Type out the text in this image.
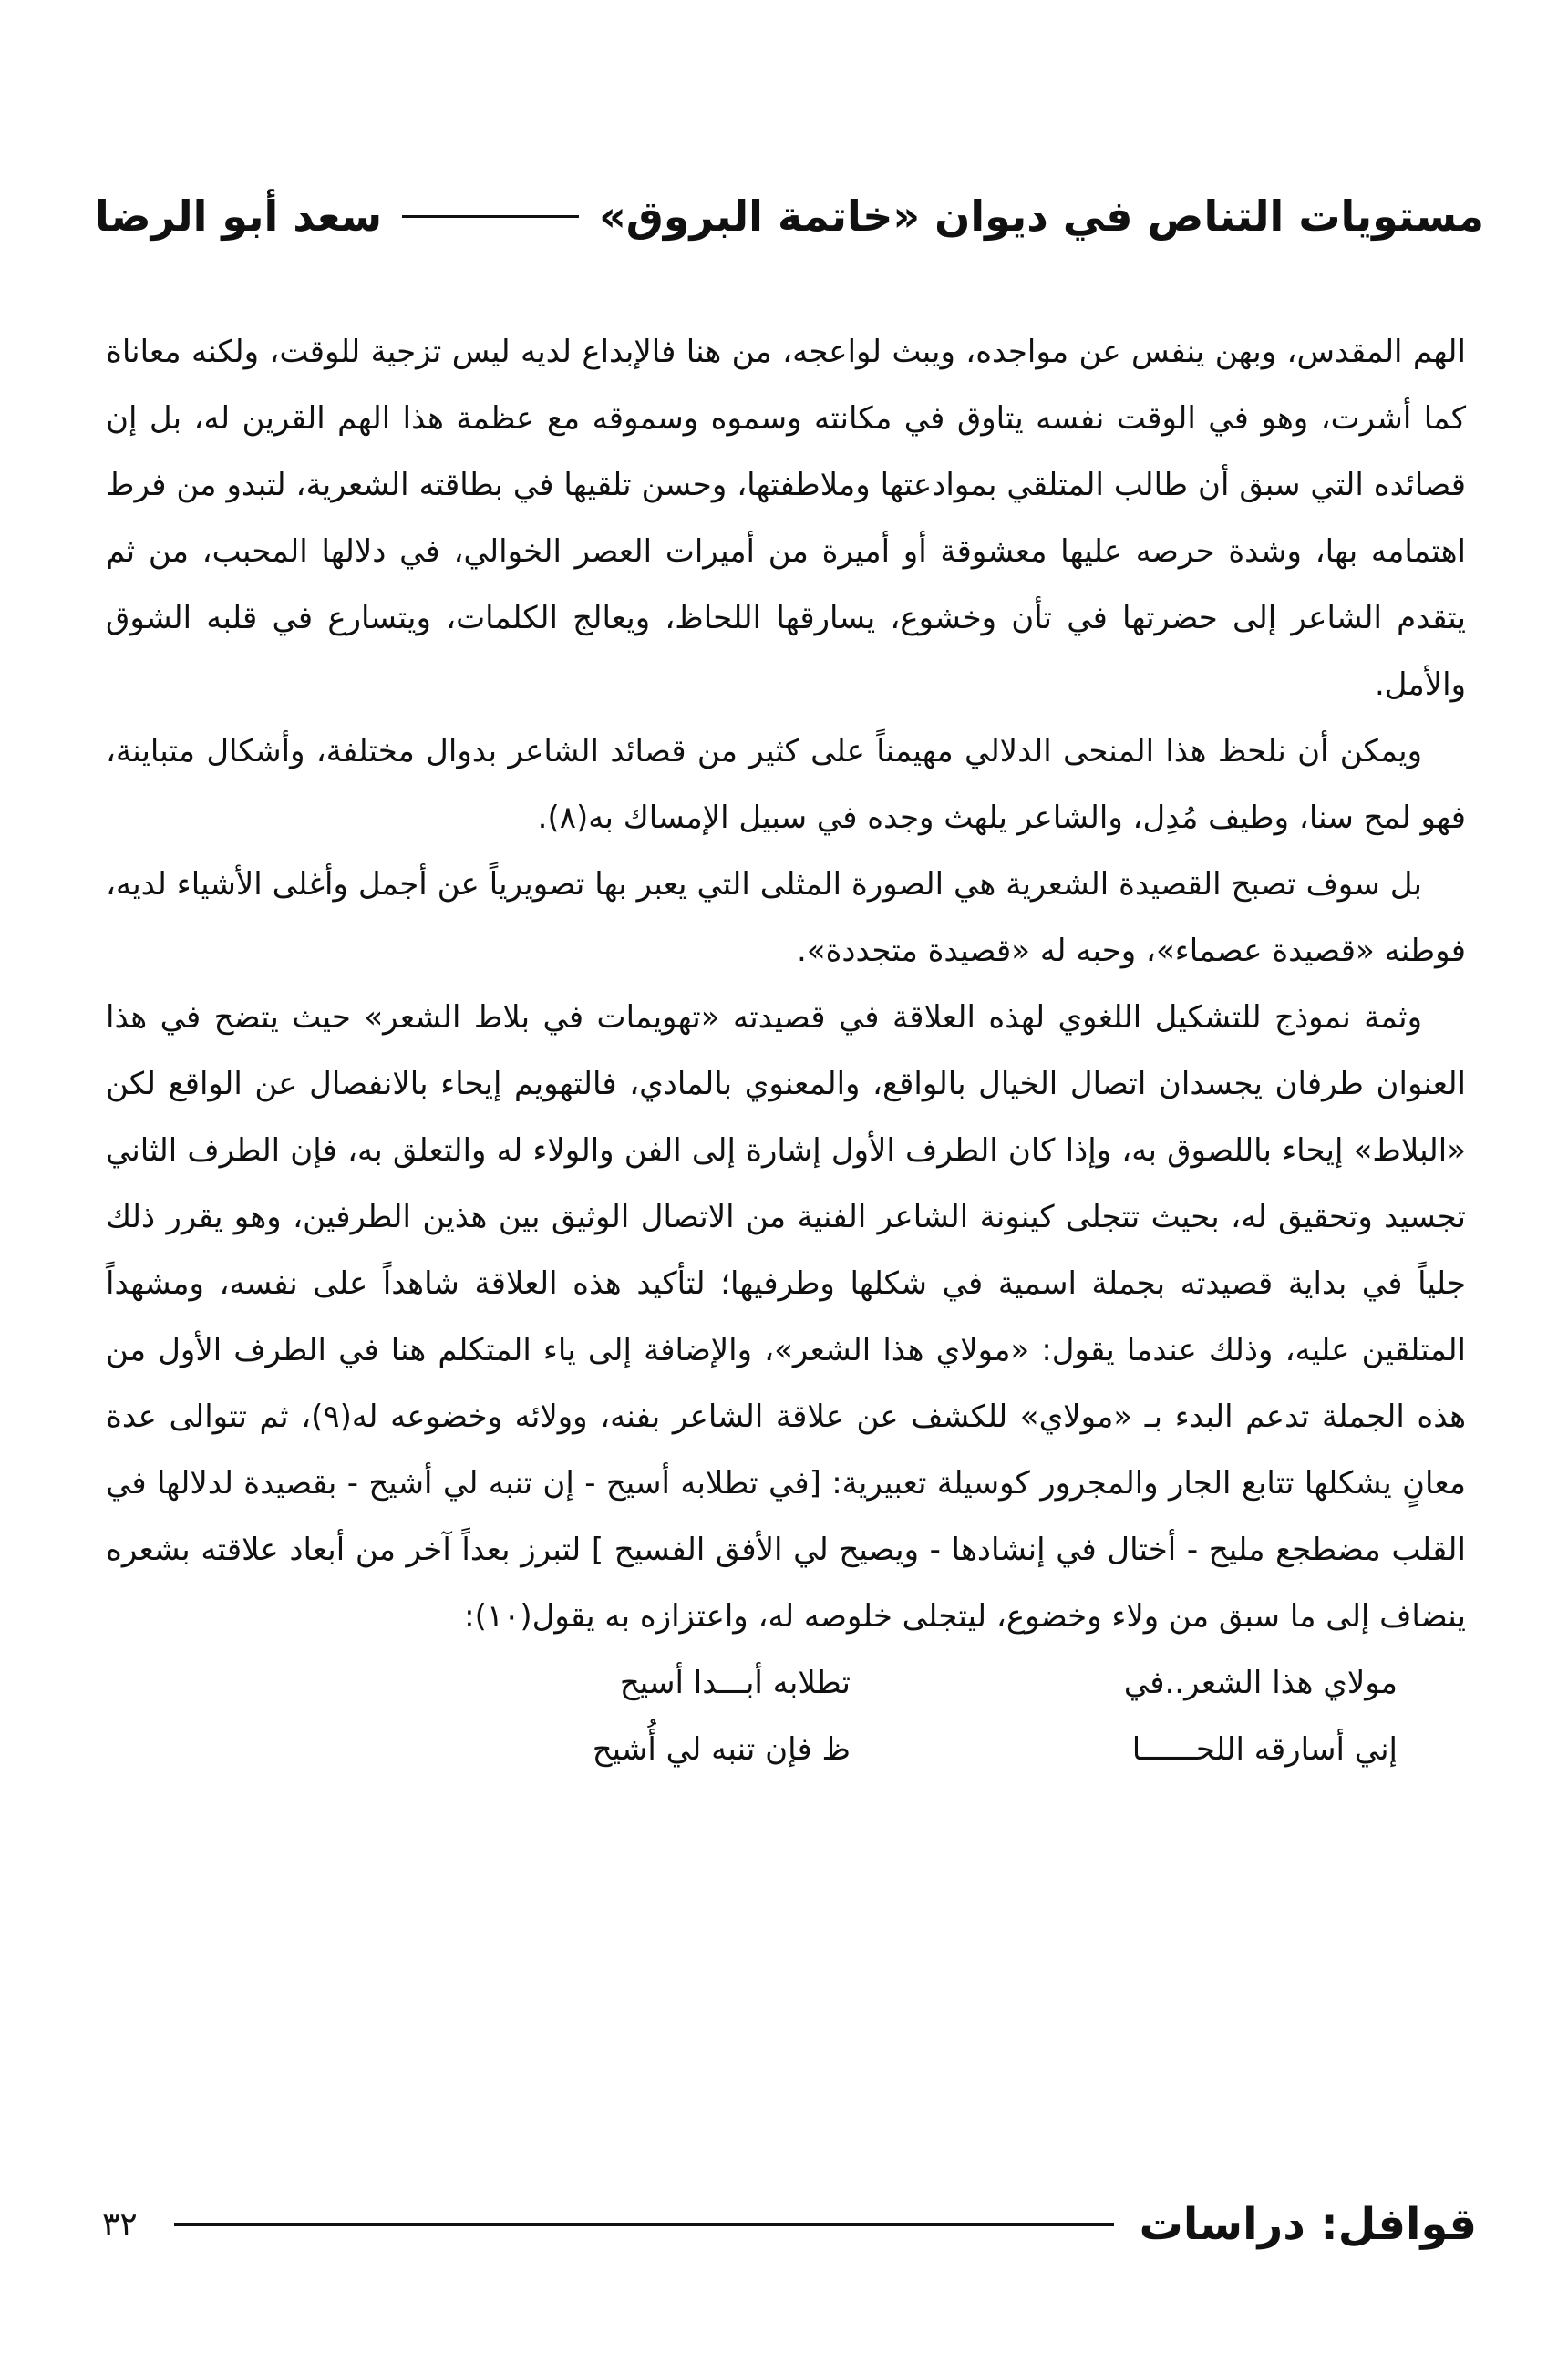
مستويات التناص في ديوان «خاتمة البروق»
سعد أبو الرضا

الهم المقدس، وبهن ينفس عن مواجده، ويبث لواعجه، من هنا فالإبداع لديه ليس تزجية للوقت، ولكنه معاناة كما أشرت، وهو في الوقت نفسه يتاوق في مكانته وسموه وسموقه مع عظمة هذا الهم القرين له، بل إن قصائده التي سبق أن طالب المتلقي بموادعتها وملاطفتها، وحسن تلقيها في بطاقته الشعرية، لتبدو من فرط اهتمامه بها، وشدة حرصه عليها معشوقة أو أميرة من أميرات العصر الخوالي، في دلالها المحبب، من ثم يتقدم الشاعر إلى حضرتها في تأن وخشوع، يسارقها اللحاظ، ويعالج الكلمات، ويتسارع في قلبه الشوق والأمل.

ويمكن أن نلحظ هذا المنحى الدلالي مهيمناً على كثير من قصائد الشاعر بدوال مختلفة، وأشكال متباينة، فهو لمح سنا، وطيف مُدِل، والشاعر يلهث وجده في سبيل الإمساك به(٨).

بل سوف تصبح القصيدة الشعرية هي الصورة المثلى التي يعبر بها تصويرياً عن أجمل وأغلى الأشياء لديه، فوطنه «قصيدة عصماء»، وحبه له «قصيدة متجددة».

وثمة نموذج للتشكيل اللغوي لهذه العلاقة في قصيدته «تهويمات في بلاط الشعر» حيث يتضح في هذا العنوان طرفان يجسدان اتصال الخيال بالواقع، والمعنوي بالمادي، فالتهويم إيحاء بالانفصال عن الواقع لكن «البلاط» إيحاء باللصوق به، وإذا كان الطرف الأول إشارة إلى الفن والولاء له والتعلق به، فإن الطرف الثاني تجسيد وتحقيق له، بحيث تتجلى كينونة الشاعر الفنية من الاتصال الوثيق بين هذين الطرفين، وهو يقرر ذلك جلياً في بداية قصيدته بجملة اسمية في شكلها وطرفيها؛ لتأكيد هذه العلاقة شاهداً على نفسه، ومشهداً المتلقين عليه، وذلك عندما يقول: «مولاي هذا الشعر»، والإضافة إلى ياء المتكلم هنا في الطرف الأول من هذه الجملة تدعم البدء بـ «مولاي» للكشف عن علاقة الشاعر بفنه، وولائه وخضوعه له(٩)، ثم تتوالى عدة معانٍ يشكلها تتابع الجار والمجرور كوسيلة تعبيرية: [في تطلابه أسيح - إن تنبه لي أشيح - بقصيدة لدلالها في القلب مضطجع مليح - أختال في إنشادها - ويصيح لي الأفق الفسيح ] لتبرز بعداً آخر من أبعاد علاقته بشعره ينضاف إلى ما سبق من ولاء وخضوع، ليتجلى خلوصه له، واعتزازه به يقول(١٠):

مولاي هذا الشعر..في
تطلابه أبـــدا أسيح
إني أسارقه اللحــــــا
ظ فإن تنبه لي أُشيح
قوافل: دراسات
٣٢
